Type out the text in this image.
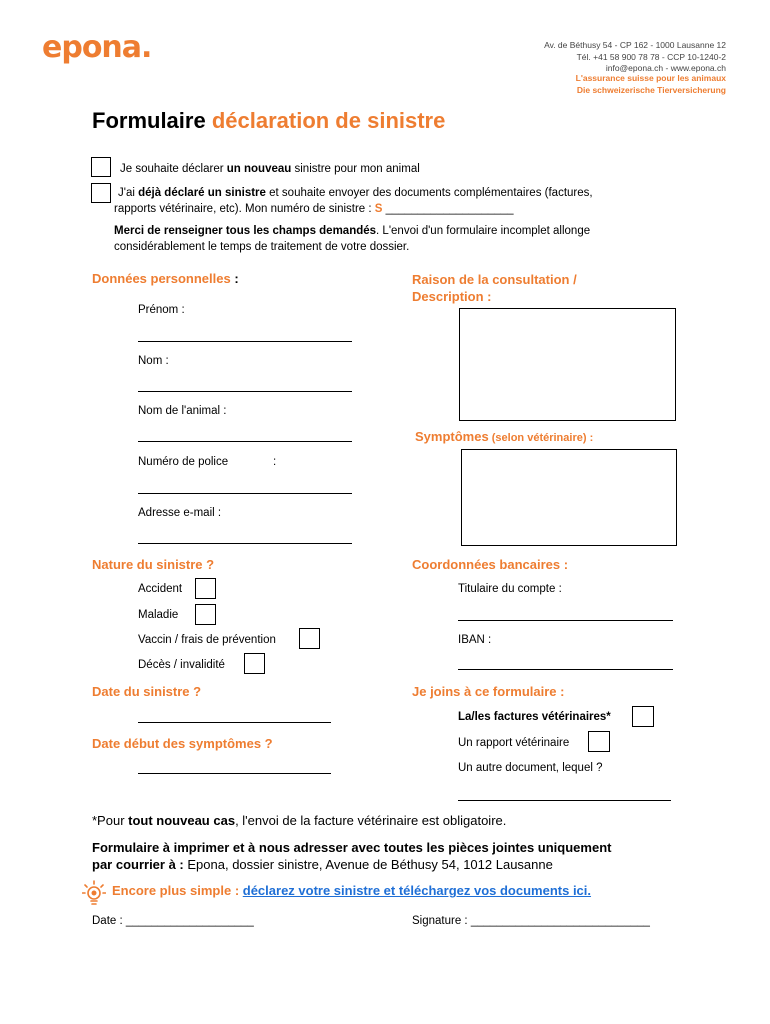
epona.	Av. de Béthusy 54 - CP 162 - 1000 Lausanne 12
Tél. +41 58 900 78 78 - CCP 10-1240-2
info@epona.ch - www.epona.ch
L'assurance suisse pour les animaux
Die schweizerische Tierversicherung
Formulaire déclaration de sinistre
Je souhaite déclarer un nouveau sinistre pour mon animal
J'ai déjà déclaré un sinistre et souhaite envoyer des documents complémentaires (factures,
rapports vétérinaire, etc). Mon numéro de sinistre : S ____________________
Merci de renseigner tous les champs demandés. L'envoi d'un formulaire incomplet allonge
considérablement le temps de traitement de votre dossier.
Données personnelles :
Prénom :
Nom :
Nom de l'animal :
Numéro de police	:
Adresse e-mail :
Raison de la consultation /
Description :
Symptômes (selon vétérinaire) :
Nature du sinistre ?
Accident
Maladie
Vaccin / frais de prévention
Décès / invalidité
Coordonnées bancaires :
Titulaire du compte :
IBAN :
Date du sinistre ?
Date début des symptômes ?
Je joins à ce formulaire :
La/les factures vétérinaires*
Un rapport vétérinaire
Un autre document, lequel ?
*Pour tout nouveau cas, l'envoi de la facture vétérinaire est obligatoire.
Formulaire à imprimer et à nous adresser avec toutes les pièces jointes uniquement
par courrier à : Epona, dossier sinistre, Avenue de Béthusy 54, 1012 Lausanne
Encore plus simple : déclarez votre sinistre et téléchargez vos documents ici.
Date : ____________________	Signature : ____________________________
